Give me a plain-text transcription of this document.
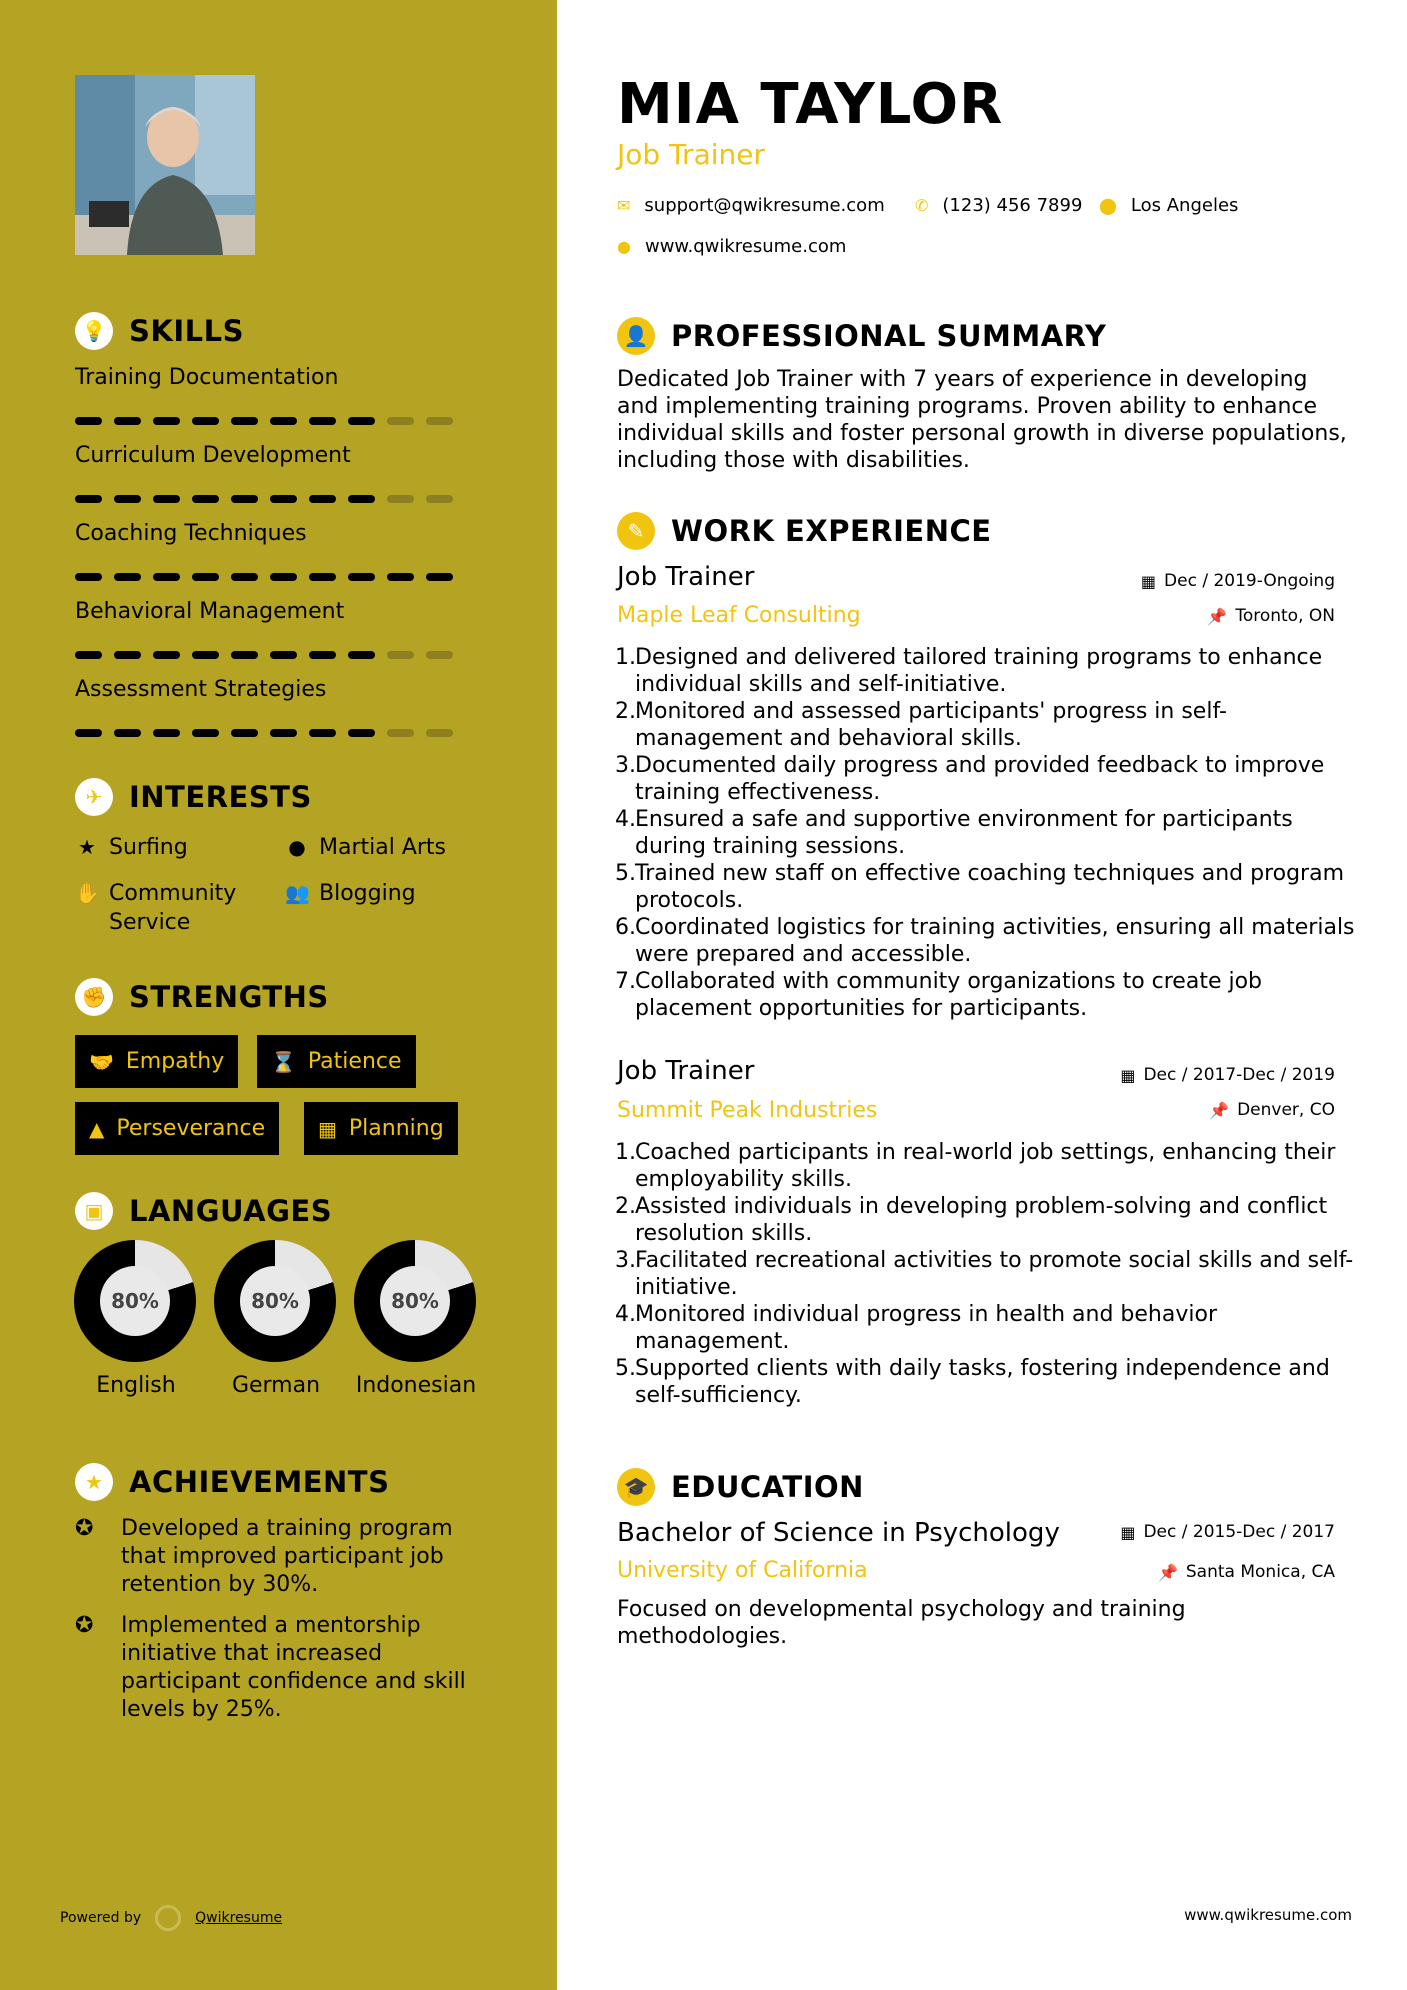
💡 SKILLS
Training Documentation
Curriculum Development
Coaching Techniques
Behavioral Management
Assessment Strategies
✈ INTERESTS
★ Surfing	● Martial Arts
✋ Community Service
👥 Blogging
✊ STRENGTHS
🤝 Empathy ⌛ Patience
▲ Perseverance	▦ Planning
▣ LANGUAGES
80%
English
80%
German
80%
Indonesian
★ ACHIEVEMENTS
✪	Developed a training program that improved participant job retention by 30%.
✪	Implemented a mentorship initiative that increased participant confidence and skill levels by 25%.
Powered by	Qwikresume
MIA TAYLOR
Job Trainer
✉ support@qwikresume.com ✆ (123) 456 7899 ⬤ Los Angeles
● www.qwikresume.com
👤 PROFESSIONAL SUMMARY
Dedicated Job Trainer with 7 years of experience in developing and implementing training programs. Proven ability to enhance individual skills and foster personal growth in diverse populations, including those with disabilities.
✎ WORK EXPERIENCE
Job Trainer	▦ Dec / 2019-Ongoing
Maple Leaf Consulting	📌 Toronto, ON
1. Designed and delivered tailored training programs to enhance individual skills and self-initiative.
2. Monitored and assessed participants' progress in self-management and behavioral skills.
3. Documented daily progress and provided feedback to improve training effectiveness.
4. Ensured a safe and supportive environment for participants during training sessions.
5. Trained new staff on effective coaching techniques and program protocols.
6. Coordinated logistics for training activities, ensuring all materials were prepared and accessible.
7. Collaborated with community organizations to create job placement opportunities for participants.
Job Trainer	▦ Dec / 2017-Dec / 2019
Summit Peak Industries	📌 Denver, CO
1. Coached participants in real-world job settings, enhancing their employability skills.
2. Assisted individuals in developing problem-solving and conflict resolution skills.
3. Facilitated recreational activities to promote social skills and self-initiative.
4. Monitored individual progress in health and behavior management.
5. Supported clients with daily tasks, fostering independence and self-sufficiency.
🎓 EDUCATION
Bachelor of Science in Psychology	▦ Dec / 2015-Dec / 2017
University of California	📌 Santa Monica, CA
Focused on developmental psychology and training methodologies.
www.qwikresume.com
